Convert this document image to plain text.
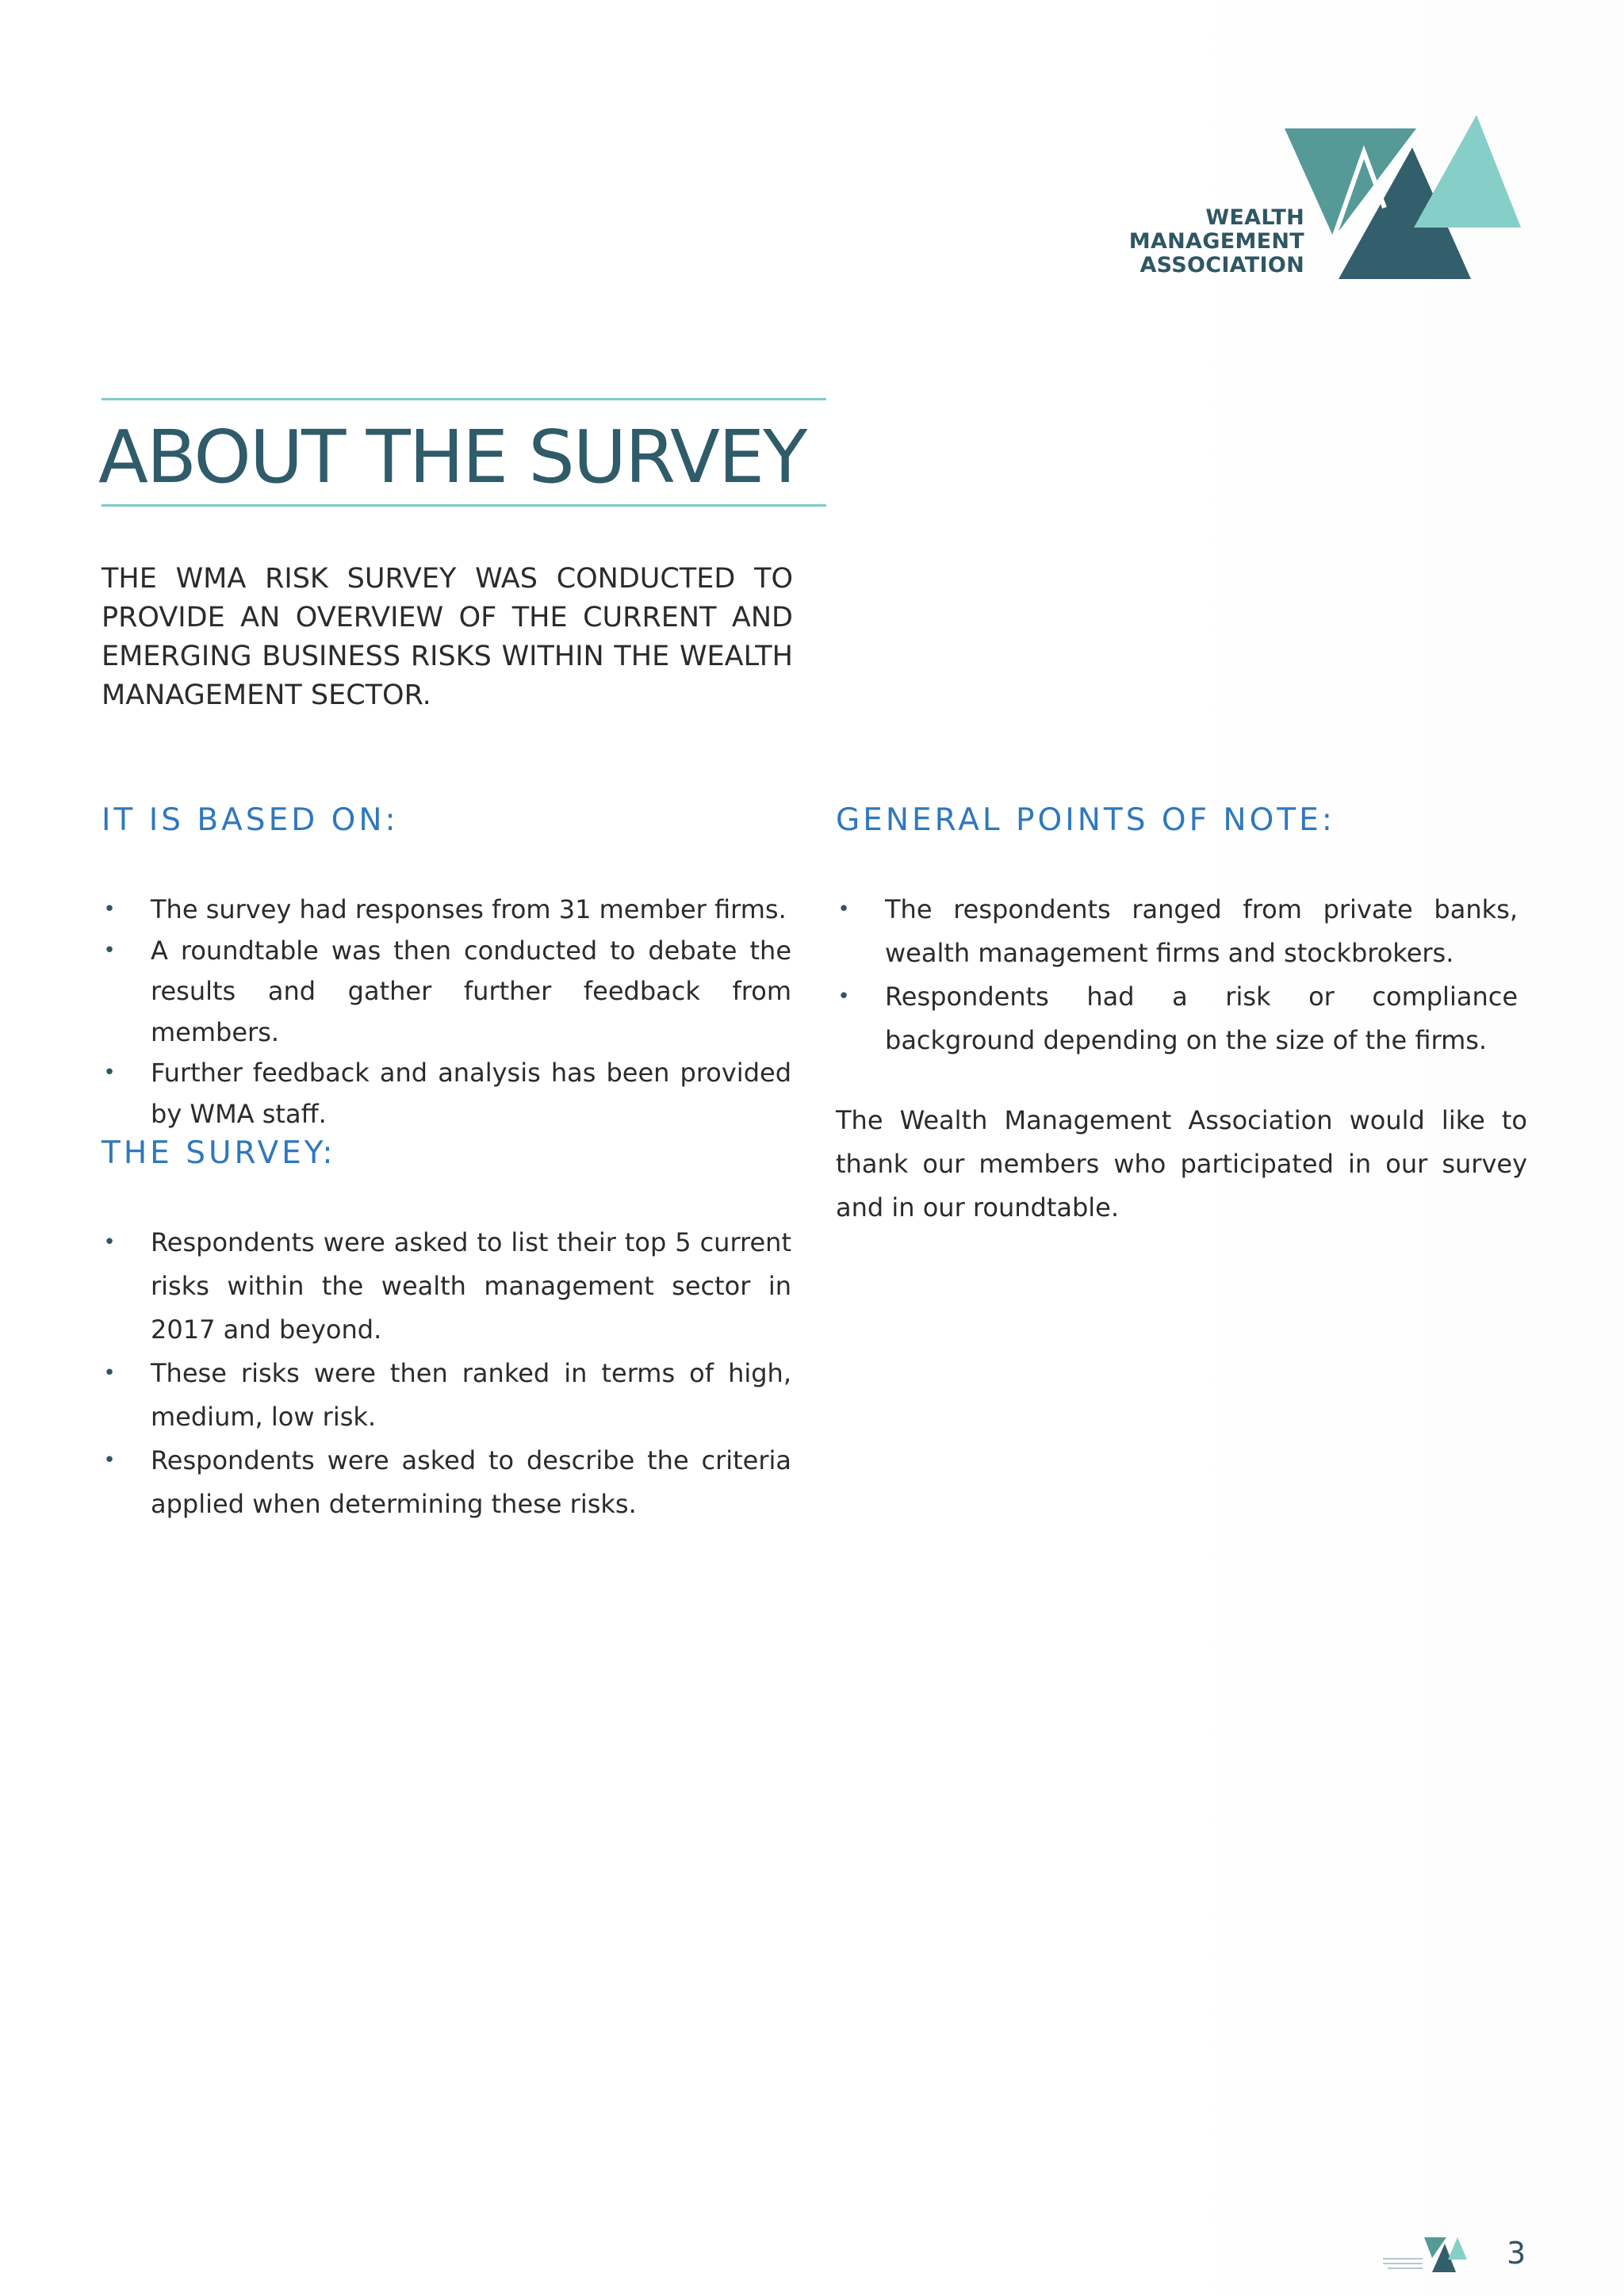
WEALTH
MANAGEMENT
ASSOCIATION
ABOUT THE SURVEY

THE WMA RISK SURVEY WAS CONDUCTED TO PROVIDE AN OVERVIEW OF THE CURRENT AND EMERGING BUSINESS RISKS WITHIN THE WEALTH MANAGEMENT SECTOR.

IT IS BASED ON:
• The survey had responses from 31 member firms.
• A roundtable was then conducted to debate the results and gather further feedback from members.
• Further feedback and analysis has been provided by WMA staff.
THE SURVEY:
• Respondents were asked to list their top 5 current risks within the wealth management sector in 2017 and beyond.
• These risks were then ranked in terms of high, medium, low risk.
• Respondents were asked to describe the criteria applied when determining these risks.
GENERAL POINTS OF NOTE:
• The respondents ranged from private banks, wealth management firms and stockbrokers.
• Respondents had a risk or compliance background depending on the size of the firms.

The Wealth Management Association would like to thank our members who participated in our survey and in our roundtable.

3
